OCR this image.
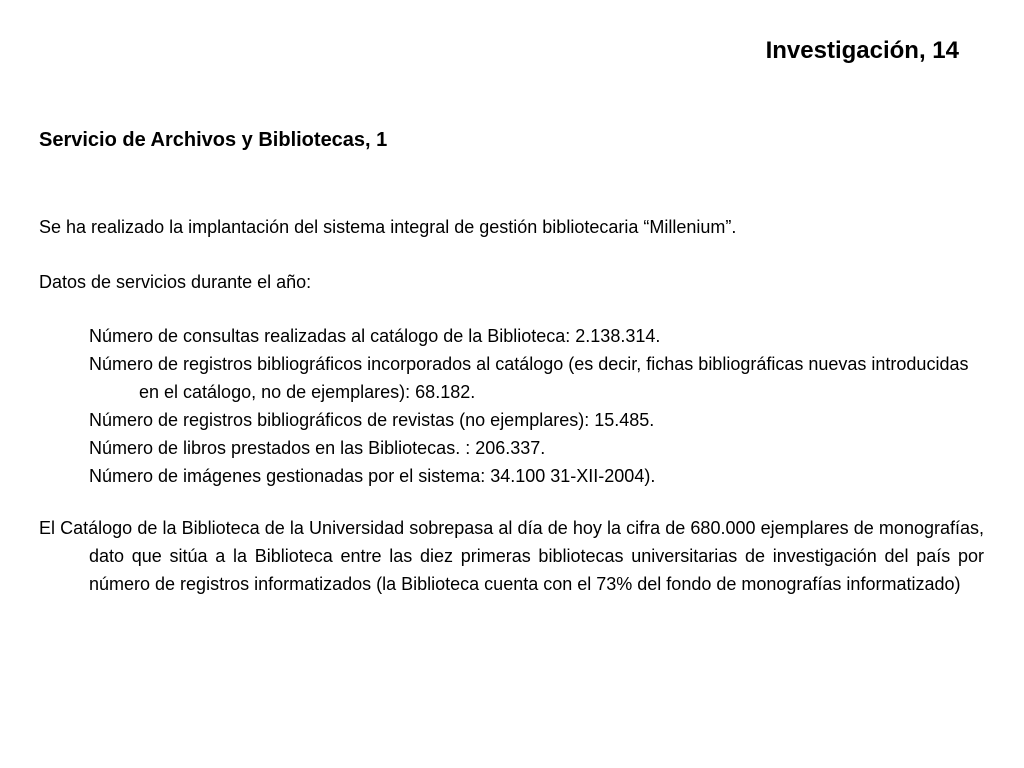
Investigación, 14
Servicio de Archivos y Bibliotecas, 1
Se ha realizado la implantación del sistema integral de gestión bibliotecaria “Millenium”.
Datos de servicios durante el año:
Número de consultas realizadas al catálogo de la Biblioteca: 2.138.314.
Número de registros bibliográficos incorporados al catálogo (es decir, fichas bibliográficas nuevas introducidas en el catálogo, no de ejemplares): 68.182.
Número de registros bibliográficos de revistas (no ejemplares): 15.485.
Número de libros prestados en las Bibliotecas. : 206.337.
Número de imágenes gestionadas por el sistema: 34.100 31-XII-2004).
El Catálogo de la Biblioteca de la Universidad sobrepasa al día de hoy la cifra de 680.000 ejemplares de monografías, dato que sitúa a la Biblioteca entre las diez primeras bibliotecas universitarias de investigación del país por número de registros informatizados (la Biblioteca cuenta con el 73% del fondo de monografías informatizado)
